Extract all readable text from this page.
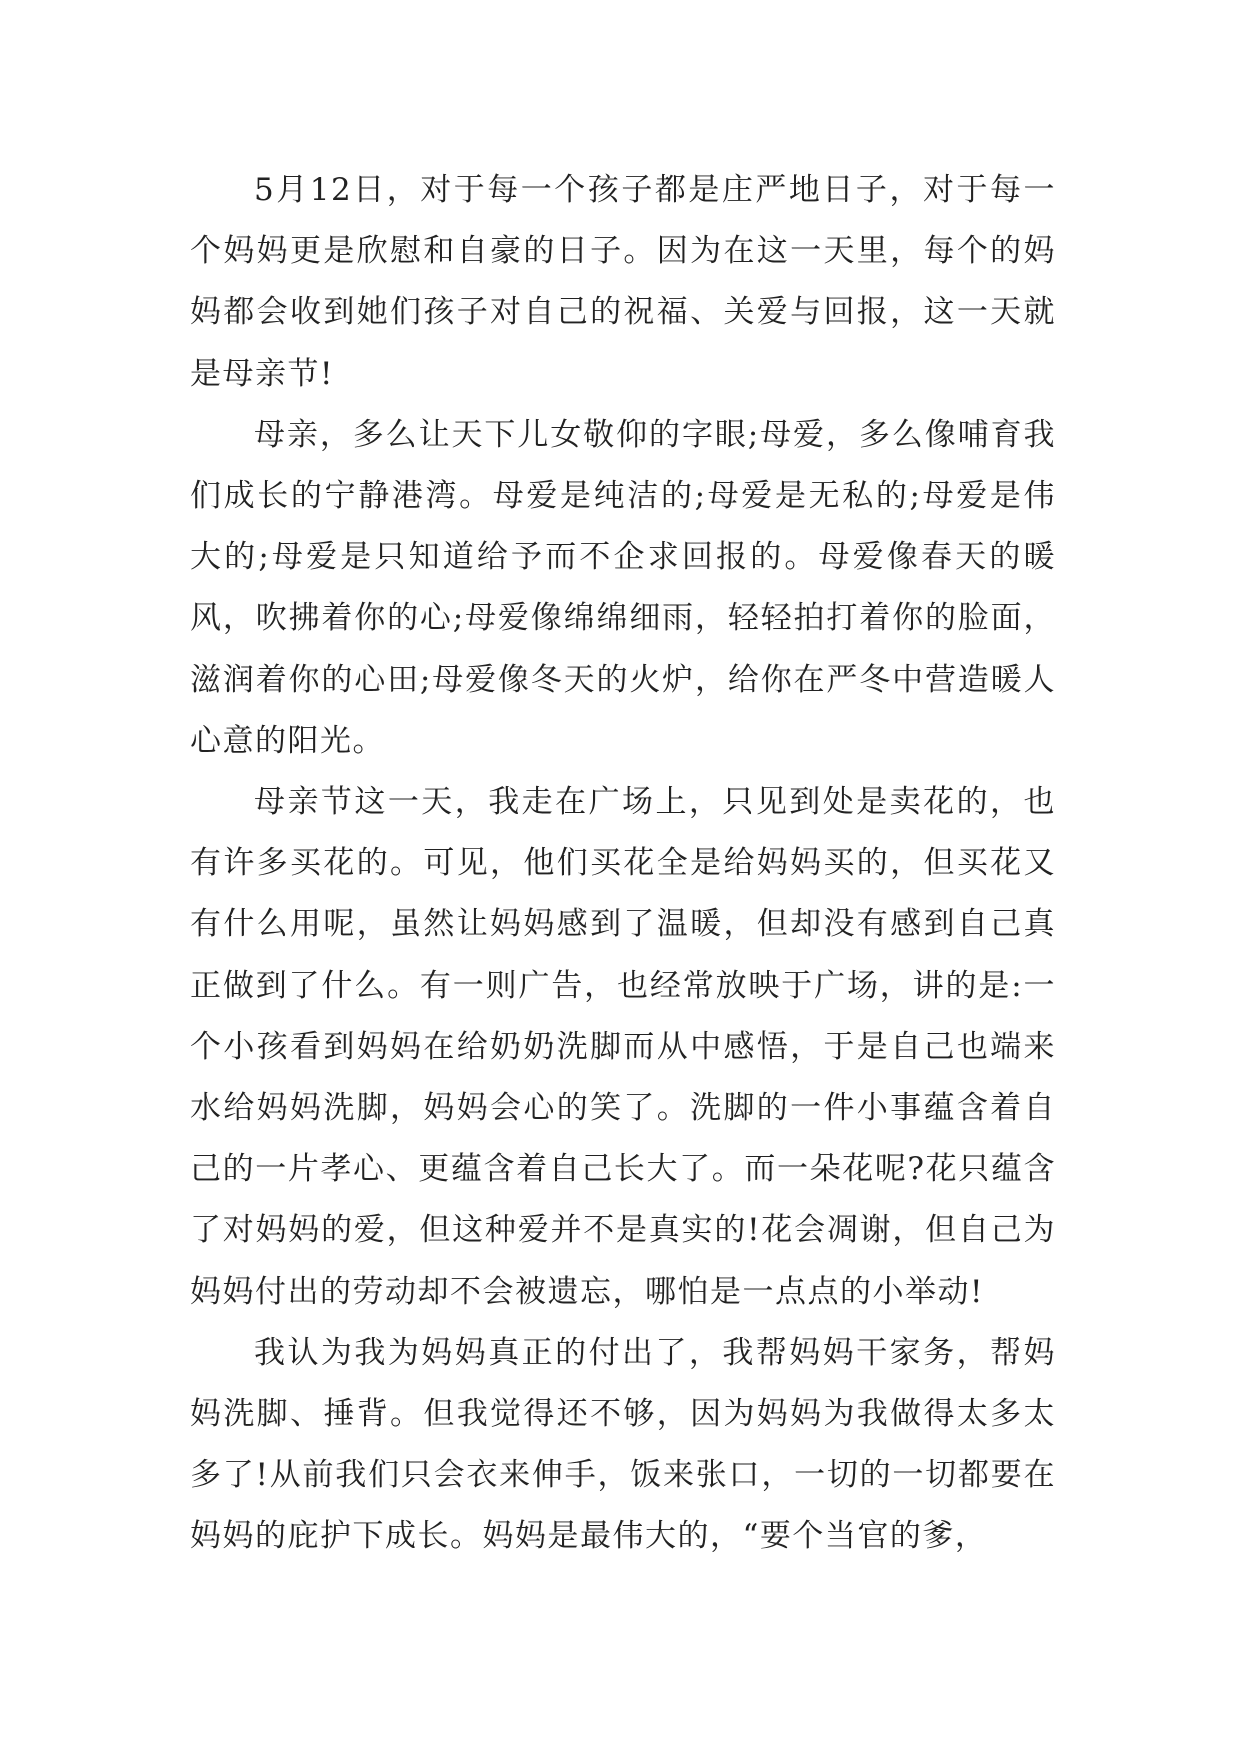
5月12日，对于每一个孩子都是庄严地日子，对于每一个妈妈更是欣慰和自豪的日子。因为在这一天里，每个的妈妈都会收到她们孩子对自己的祝福、关爱与回报，这一天就是母亲节!

母亲，多么让天下儿女敬仰的字眼;母爱，多么像哺育我们成长的宁静港湾。母爱是纯洁的;母爱是无私的;母爱是伟大的;母爱是只知道给予而不企求回报的。母爱像春天的暖风，吹拂着你的心;母爱像绵绵细雨，轻轻拍打着你的脸面，滋润着你的心田;母爱像冬天的火炉，给你在严冬中营造暖人心意的阳光。

母亲节这一天，我走在广场上，只见到处是卖花的，也有许多买花的。可见，他们买花全是给妈妈买的，但买花又有什么用呢，虽然让妈妈感到了温暖，但却没有感到自己真正做到了什么。有一则广告，也经常放映于广场，讲的是:一个小孩看到妈妈在给奶奶洗脚而从中感悟，于是自己也端来水给妈妈洗脚，妈妈会心的笑了。洗脚的一件小事蕴含着自己的一片孝心、更蕴含着自己长大了。而一朵花呢?花只蕴含了对妈妈的爱，但这种爱并不是真实的!花会凋谢，但自己为妈妈付出的劳动却不会被遗忘，哪怕是一点点的小举动!

我认为我为妈妈真正的付出了，我帮妈妈干家务，帮妈妈洗脚、捶背。但我觉得还不够，因为妈妈为我做得太多太多了!从前我们只会衣来伸手，饭来张口，一切的一切都要在妈妈的庇护下成长。妈妈是最伟大的，“要个当官的爹，
